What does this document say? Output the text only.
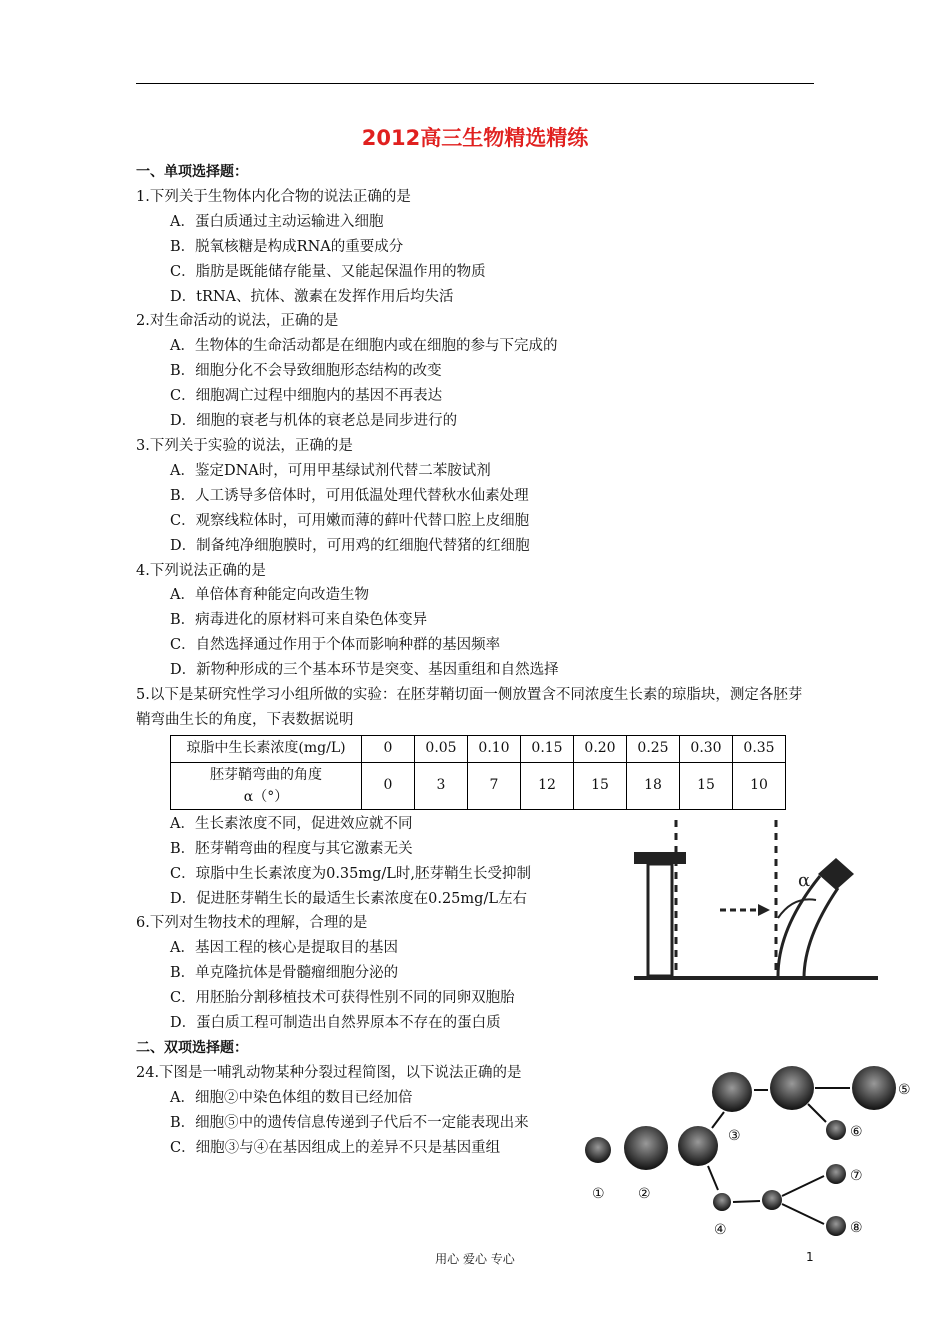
2012高三生物精选精练
一、单项选择题：
1.下列关于生物体内化合物的说法正确的是
A．蛋白质通过主动运输进入细胞
B．脱氧核糖是构成RNA的重要成分
C．脂肪是既能储存能量、又能起保温作用的物质
D．tRNA、抗体、激素在发挥作用后均失活
2.对生命活动的说法，正确的是
A．生物体的生命活动都是在细胞内或在细胞的参与下完成的
B．细胞分化不会导致细胞形态结构的改变
C．细胞凋亡过程中细胞内的基因不再表达
D．细胞的衰老与机体的衰老总是同步进行的
3.下列关于实验的说法，正确的是
A．鉴定DNA时，可用甲基绿试剂代替二苯胺试剂
B．人工诱导多倍体时，可用低温处理代替秋水仙素处理
C．观察线粒体时，可用嫩而薄的藓叶代替口腔上皮细胞
D．制备纯净细胞膜时，可用鸡的红细胞代替猪的红细胞
4.下列说法正确的是
A．单倍体育种能定向改造生物
B．病毒进化的原材料可来自染色体变异
C．自然选择通过作用于个体而影响种群的基因频率
D．新物种形成的三个基本环节是突变、基因重组和自然选择
5.以下是某研究性学习小组所做的实验：在胚芽鞘切面一侧放置含不同浓度生长素的琼脂块，测定各胚芽鞘弯曲生长的角度，下表数据说明
琼脂中生长素浓度(mg/L)	0	0.05	0.10	0.15	0.20	0.25	0.30	0.35

胚芽鞘弯曲的角度
α（°）	0	3	7	12	15	18	15	10
A．生长素浓度不同，促进效应就不同
B．胚芽鞘弯曲的程度与其它激素无关
C．琼脂中生长素浓度为0.35mg/L时,胚芽鞘生长受抑制
D．促进胚芽鞘生长的最适生长素浓度在0.25mg/L左右
6.下列对生物技术的理解，合理的是
A．基因工程的核心是提取目的基因
B．单克隆抗体是骨髓瘤细胞分泌的
C．用胚胎分割移植技术可获得性别不同的同卵双胞胎
D．蛋白质工程可制造出自然界原本不存在的蛋白质
二、双项选择题：
24.下图是一哺乳动物某种分裂过程简图，以下说法正确的是
A．细胞②中染色体组的数目已经加倍
B．细胞⑤中的遗传信息传递到子代后不一定能表现出来
C．细胞③与④在基因组成上的差异不只是基因重组
α
① ②
③
④
⑤
⑥
⑦
⑧
用心 爱心 专心	1
